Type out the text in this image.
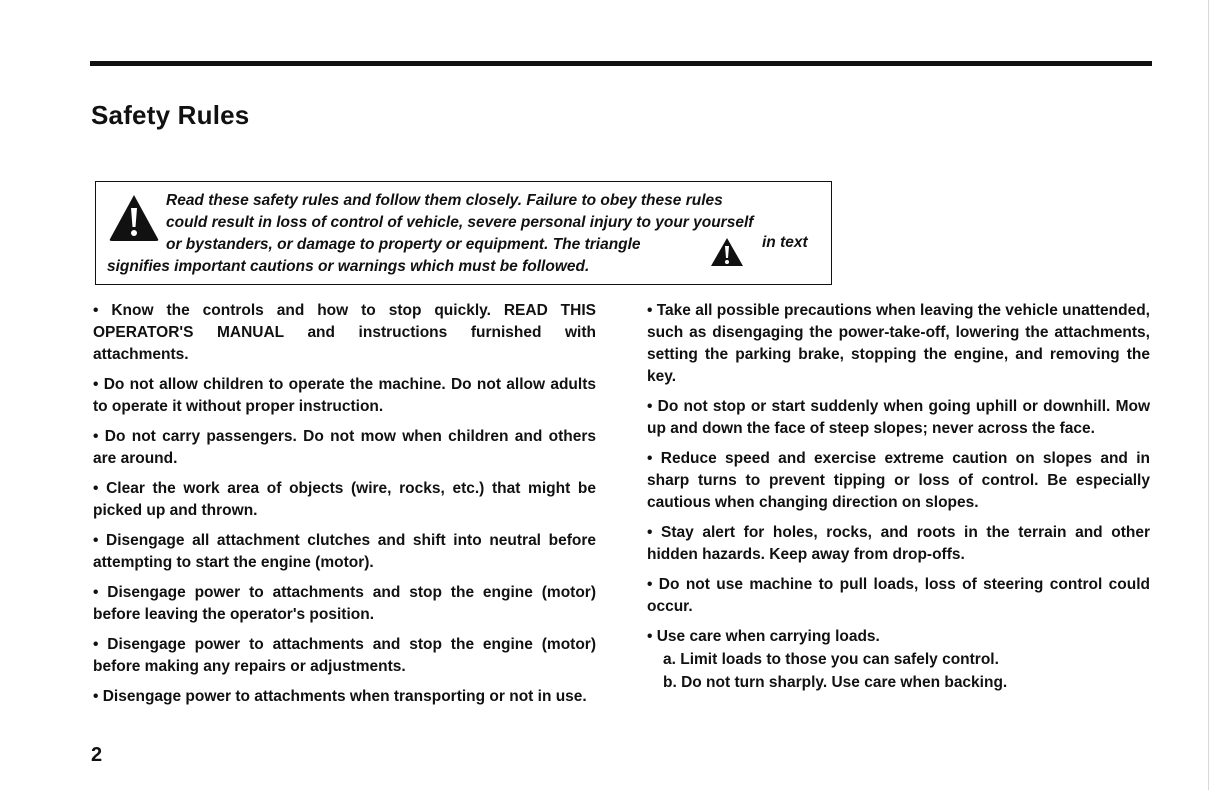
Safety Rules
Read these safety rules and follow them closely. Failure to obey these rules
could result in loss of control of vehicle, severe personal injury to your yourself
or bystanders, or damage to property or equipment. The triangle	in text
signifies important cautions or warnings which must be followed.

• Know the controls and how to stop quickly. READ THIS OPERATOR'S MANUAL and instructions furnished with attachments.

• Do not allow children to operate the machine. Do not allow adults to operate it without proper instruction.

• Do not carry passengers. Do not mow when children and others are around.

• Clear the work area of objects (wire, rocks, etc.) that might be picked up and thrown.

• Disengage all attachment clutches and shift into neutral before attempting to start the engine (motor).

• Disengage power to attachments and stop the engine (motor) before leaving the operator's position.

• Disengage power to attachments and stop the engine (motor) before making any repairs or adjustments.

• Disengage power to attachments when transporting or not in use.

• Take all possible precautions when leaving the vehicle unattended, such as disengaging the power-take-off, lowering the attachments, setting the parking brake, stopping the engine, and removing the key.

• Do not stop or start suddenly when going uphill or downhill. Mow up and down the face of steep slopes; never across the face.

• Reduce speed and exercise extreme caution on slopes and in sharp turns to prevent tipping or loss of control. Be especially cautious when changing direction on slopes.

• Stay alert for holes, rocks, and roots in the terrain and other hidden hazards. Keep away from drop-offs.

• Do not use machine to pull loads, loss of steering control could occur.

• Use care when carrying loads.

a. Limit loads to those you can safely control.

b. Do not turn sharply. Use care when backing.

2
